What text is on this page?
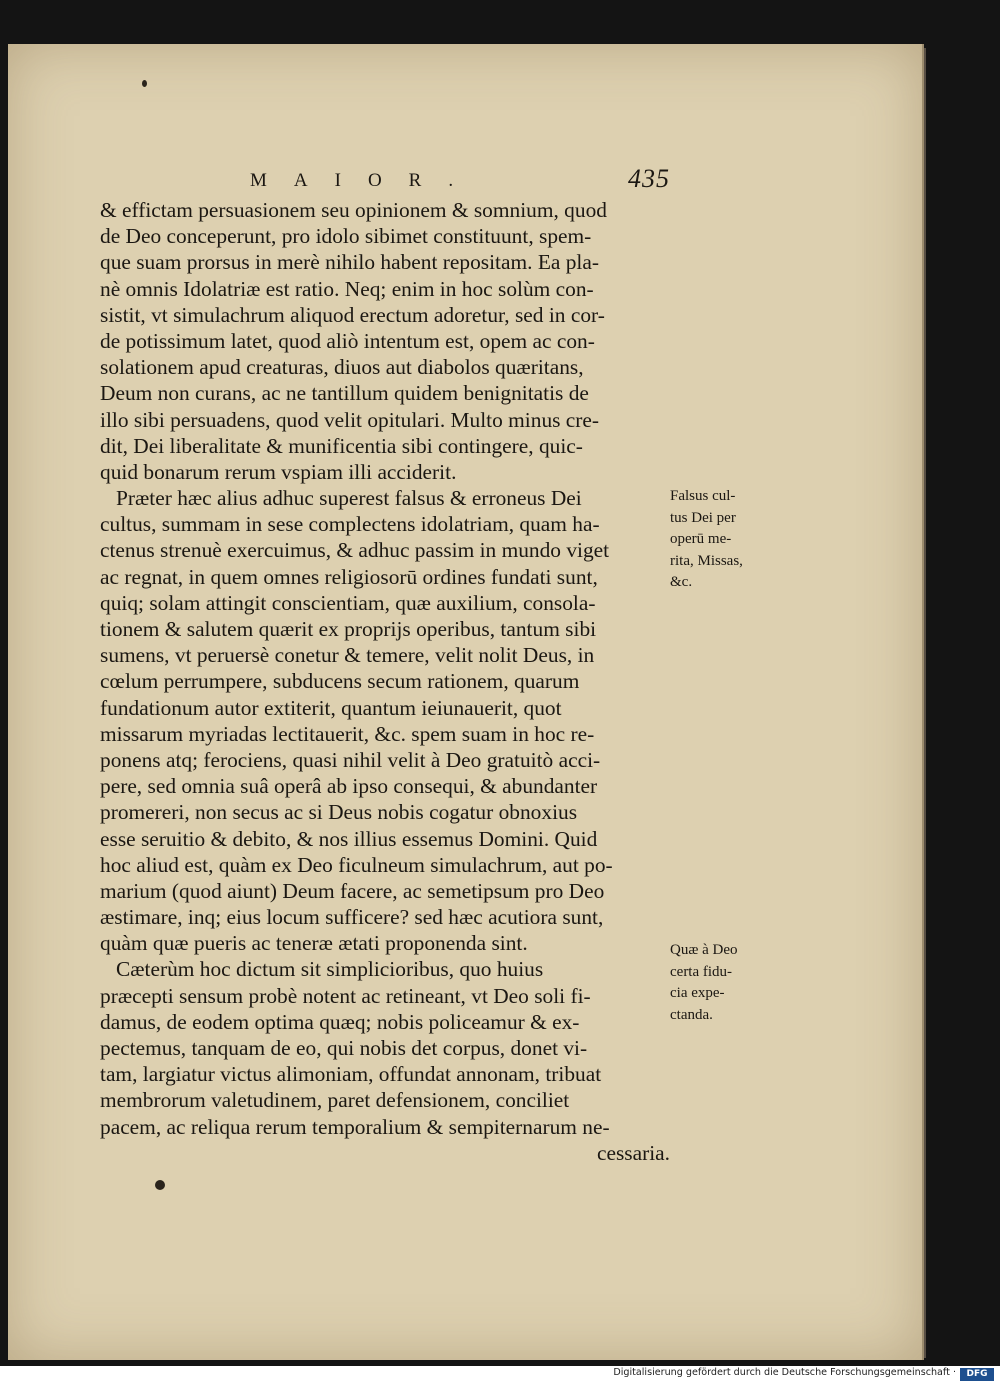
MAIOR.	435
& effictam persuasionem seu opinionem & somnium, quod
de Deo conceperunt, pro idolo sibimet constituunt, spem-
que suam prorsus in merè nihilo habent repositam. Ea pla-
nè omnis Idolatriæ est ratio. Neq; enim in hoc solùm con-
sistit, vt simulachrum aliquod erectum adoretur, sed in cor-
de potissimum latet, quod aliò intentum est, opem ac con-
solationem apud creaturas, diuos aut diabolos quæritans,
Deum non curans, ac ne tantillum quidem benignitatis de
illo sibi persuadens, quod velit opitulari. Multo minus cre-
dit, Dei liberalitate & munificentia sibi contingere, quic-
quid bonarum rerum vspiam illi acciderit.
Præter hæc alius adhuc superest falsus & erroneus Dei
cultus, summam in sese complectens idolatriam, quam ha-
ctenus strenuè exercuimus, & adhuc passim in mundo viget
ac regnat, in quem omnes religiosorū ordines fundati sunt,
quiq; solam attingit conscientiam, quæ auxilium, consola-
tionem & salutem quærit ex proprijs operibus, tantum sibi
sumens, vt peruersè conetur & temere, velit nolit Deus, in
cœlum perrumpere, subducens secum rationem, quarum
fundationum autor extiterit, quantum ieiunauerit, quot
missarum myriadas lectitauerit, &c. spem suam in hoc re-
ponens atq; ferociens, quasi nihil velit à Deo gratuitò acci-
pere, sed omnia suâ operâ ab ipso consequi, & abundanter
promereri, non secus ac si Deus nobis cogatur obnoxius
esse seruitio & debito, & nos illius essemus Domini. Quid
hoc aliud est, quàm ex Deo ficulneum simulachrum, aut po-
marium (quod aiunt) Deum facere, ac semetipsum pro Deo
æstimare, inq; eius locum sufficere? sed hæc acutiora sunt,
quàm quæ pueris ac teneræ ætati proponenda sint.
Cæterùm hoc dictum sit simplicioribus, quo huius
præcepti sensum probè notent ac retineant, vt Deo soli fi-
damus, de eodem optima quæq; nobis policeamur & ex-
pectemus, tanquam de eo, qui nobis det corpus, donet vi-
tam, largiatur victus alimoniam, offundat annonam, tribuat
membrorum valetudinem, paret defensionem, conciliet
pacem, ac reliqua rerum temporalium & sempiternarum ne-
cessaria.
Falsus cul-
tus Dei per
operū me-
rita, Missas,
&c.
Quæ à Deo
certa fidu-
cia expe-
ctanda.
Digitalisierung gefördert durch die Deutsche Forschungsgemeinschaft ·	DFG
